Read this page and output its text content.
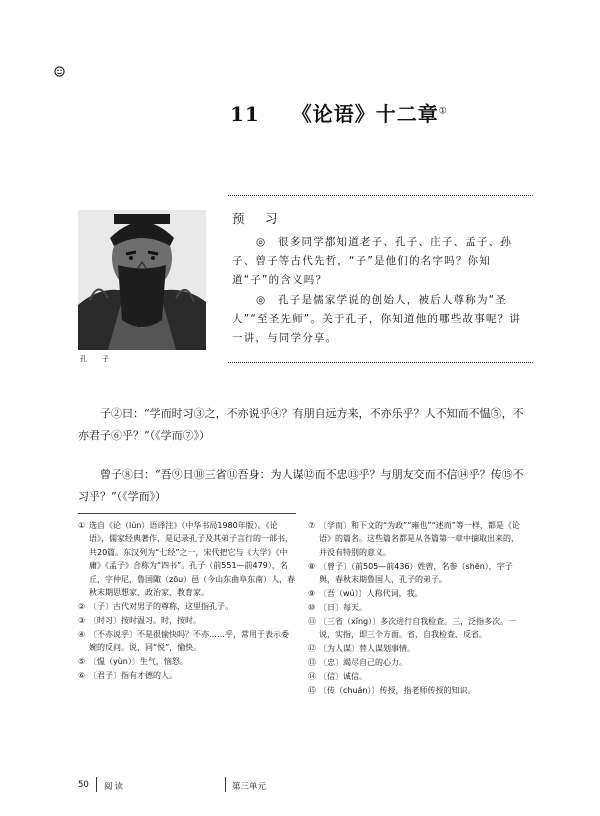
11 《论语》十二章①
孔　子
预　习

◎　很多同学都知道老子、孔子、庄子、孟子、孙子、曾子等古代先哲，“子”是他们的名字吗？你知道“子”的含义吗？

◎　孔子是儒家学说的创始人，被后人尊称为“圣人”“至圣先师”。关于孔子，你知道他的哪些故事呢？讲一讲，与同学分享。

子②曰：“学而时习③之，不亦说乎④？有朋自远方来，不亦乐乎？人不知而不愠⑤，不亦君子⑥乎？”（《学而⑦》）

曾子⑧曰：“吾⑨日⑩三省⑪吾身：为人谋⑫而不忠⑬乎？与朋友交而不信⑭乎？传⑮不习乎？”（《学而》）

① 选自《论（lún）语译注》（中华书局1980年版）。《论语》，儒家经典著作，是记录孔子及其弟子言行的一部书，共20篇。东汉列为“七经”之一，宋代把它与《大学》《中庸》《孟子》合称为“四书”。孔子（前551—前479），名丘，字仲尼，鲁国陬（zōu）邑（今山东曲阜东南）人，春秋末期思想家、政治家、教育家。

② 〔子〕古代对男子的尊称，这里指孔子。

③ 〔时习〕按时温习。时，按时。

④ 〔不亦说乎〕不是很愉快吗？不亦……乎，常用于表示委婉的反问。说，同“悦”，愉快。

⑤ 〔愠（yùn）〕生气，恼怒。

⑥ 〔君子〕指有才德的人。

⑦ 〔学而〕和下文的“为政”“雍也”“述而”等一样，都是《论语》的篇名。这些篇名都是从各篇第一章中摘取出来的，并没有特别的意义。

⑧ 〔曾子〕（前505—前436）姓曾，名参（shēn），字子舆，春秋末期鲁国人，孔子的弟子。

⑨ 〔吾（wú）〕人称代词，我。

⑩ 〔日〕每天。

⑪ 〔三省（xǐng）〕多次进行自我检查。三，泛指多次。一说，实指，即三个方面。省，自我检查、反省。

⑫ 〔为人谋〕替人谋划事情。

⑬ 〔忠〕竭尽自己的心力。

⑭ 〔信〕诚信。

⑮ 〔传（chuán）〕传授，指老师传授的知识。

50 阅读	第三单元
